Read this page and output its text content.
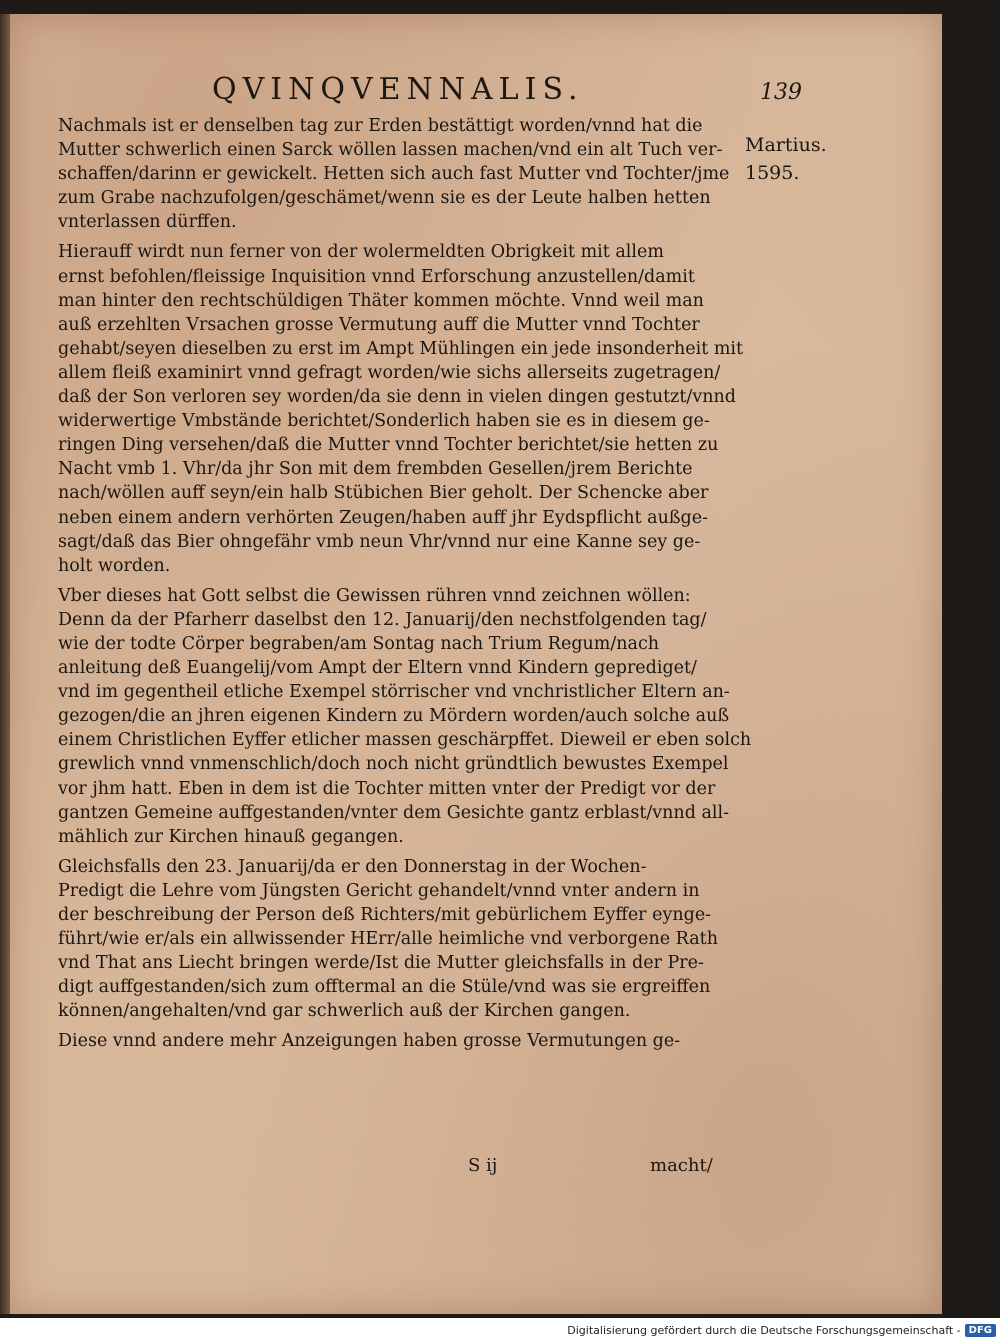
QVINQVENNALIS.	139
Martius.
1595.
Nachmals ist er denselben tag zur Erden bestättigt worden/vnnd hat die
Mutter schwerlich einen Sarck wöllen lassen machen/vnd ein alt Tuch ver-
schaffen/darinn er gewickelt. Hetten sich auch fast Mutter vnd Tochter/jme
zum Grabe nachzufolgen/geschämet/wenn sie es der Leute halben hetten
vnterlassen dürffen.
Hierauff wirdt nun ferner von der wolermeldten Obrigkeit mit allem
ernst befohlen/fleissige Inquisition vnnd Erforschung anzustellen/damit
man hinter den rechtschüldigen Thäter kommen möchte. Vnnd weil man
auß erzehlten Vrsachen grosse Vermutung auff die Mutter vnnd Tochter
gehabt/seyen dieselben zu erst im Ampt Mühlingen ein jede insonderheit mit
allem fleiß examinirt vnnd gefragt worden/wie sichs allerseits zugetragen/
daß der Son verloren sey worden/da sie denn in vielen dingen gestutzt/vnnd
widerwertige Vmbstände berichtet/Sonderlich haben sie es in diesem ge-
ringen Ding versehen/daß die Mutter vnnd Tochter berichtet/sie hetten zu
Nacht vmb 1. Vhr/da jhr Son mit dem frembden Gesellen/jrem Berichte
nach/wöllen auff seyn/ein halb Stübichen Bier geholt. Der Schencke aber
neben einem andern verhörten Zeugen/haben auff jhr Eydspflicht außge-
sagt/daß das Bier ohngefähr vmb neun Vhr/vnnd nur eine Kanne sey ge-
holt worden.
Vber dieses hat Gott selbst die Gewissen rühren vnnd zeichnen wöllen:
Denn da der Pfarherr daselbst den 12. Januarij/den nechstfolgenden tag/
wie der todte Cörper begraben/am Sontag nach Trium Regum/nach
anleitung deß Euangelij/vom Ampt der Eltern vnnd Kindern geprediget/
vnd im gegentheil etliche Exempel störrischer vnd vnchristlicher Eltern an-
gezogen/die an jhren eigenen Kindern zu Mördern worden/auch solche auß
einem Christlichen Eyffer etlicher massen geschärpffet. Dieweil er eben solch
grewlich vnnd vnmenschlich/doch noch nicht gründtlich bewustes Exempel
vor jhm hatt. Eben in dem ist die Tochter mitten vnter der Predigt vor der
gantzen Gemeine auffgestanden/vnter dem Gesichte gantz erblast/vnnd all-
mählich zur Kirchen hinauß gegangen.
Gleichsfalls den 23. Januarij/da er den Donnerstag in der Wochen-
Predigt die Lehre vom Jüngsten Gericht gehandelt/vnnd vnter andern in
der beschreibung der Person deß Richters/mit gebürlichem Eyffer eynge-
führt/wie er/als ein allwissender HErr/alle heimliche vnd verborgene Rath
vnd That ans Liecht bringen werde/Ist die Mutter gleichsfalls in der Pre-
digt auffgestanden/sich zum offtermal an die Stüle/vnd was sie ergreiffen
können/angehalten/vnd gar schwerlich auß der Kirchen gangen.
Diese vnnd andere mehr Anzeigungen haben grosse Vermutungen ge-
S ij	macht/
Digitalisierung gefördert durch die Deutsche Forschungsgemeinschaft - DFG
